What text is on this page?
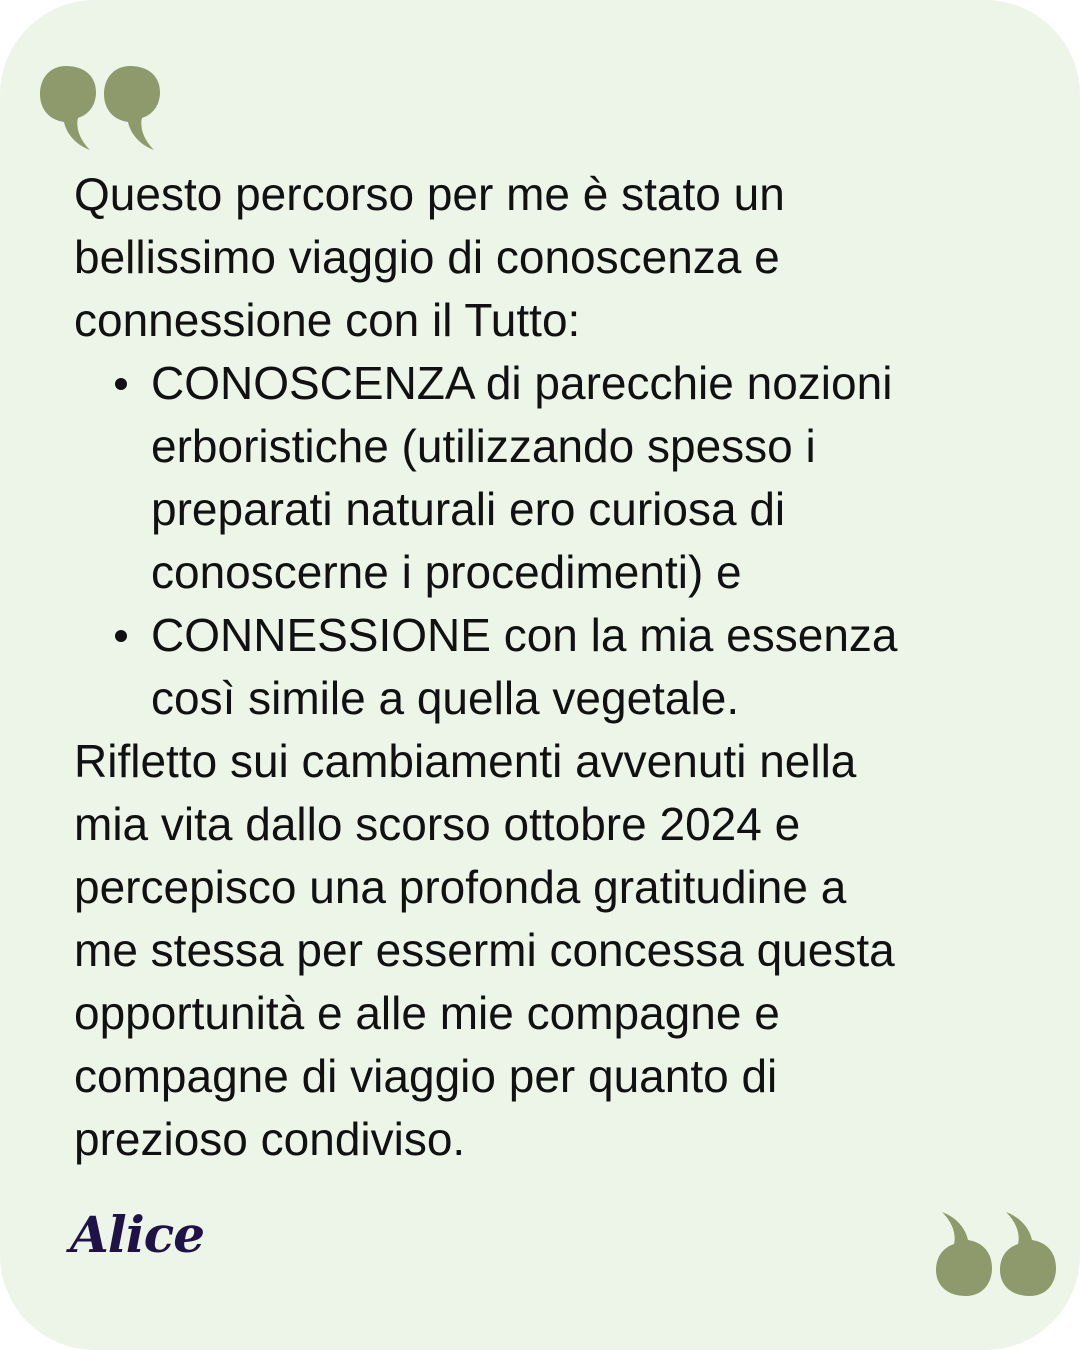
Questo percorso per me è stato un

bellissimo viaggio di conoscenza e

connessione con il Tutto:

CONOSCENZA di parecchie nozioni
erboristiche (utilizzando spesso i
preparati naturali ero curiosa di
conoscerne i procedimenti) e
CONNESSIONE con la mia essenza
così simile a quella vegetale.

Rifletto sui cambiamenti avvenuti nella

mia vita dallo scorso ottobre 2024 e

percepisco una profonda gratitudine a

me stessa per essermi concessa questa

opportunità e alle mie compagne e

compagne di viaggio per quanto di

prezioso condiviso.

Alice
